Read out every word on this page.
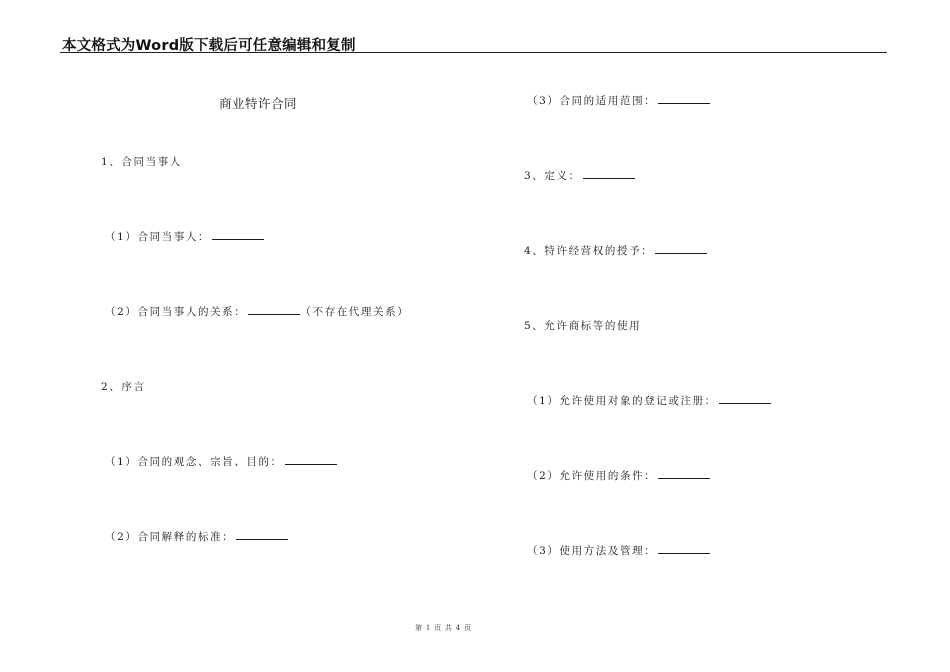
本文格式为Word版下载后可任意编辑和复制
商业特许合同
1、合同当事人
（1）合同当事人：
（2）合同当事人的关系：	（不存在代理关系）
2、序言
（1）合同的观念、宗旨、目的：
（2）合同解释的标准：
（3）合同的适用范围：
3、定义：
4、特许经营权的授予：
5、允许商标等的使用
（1）允许使用对象的登记或注册：
（2）允许使用的条件：
（3）使用方法及管理：
第 1 页 共 4 页
